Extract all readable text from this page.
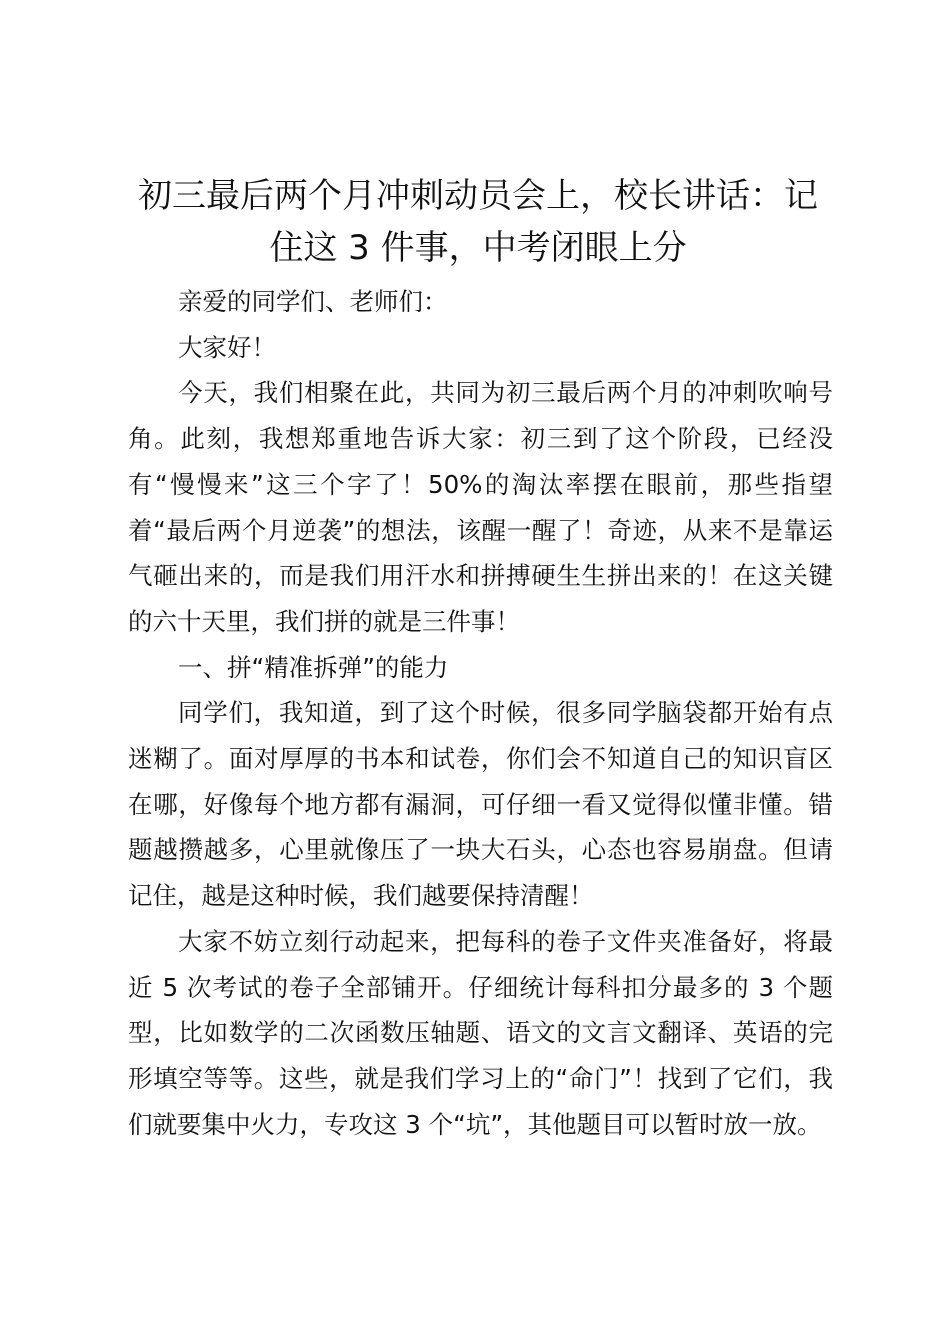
初三最后两个月冲刺动员会上，校长讲话：记住这 3 件事，中考闭眼上分

亲爱的同学们、老师们：

大家好！

今天，我们相聚在此，共同为初三最后两个月的冲刺吹响号角。此刻，我想郑重地告诉大家：初三到了这个阶段，已经没有“慢慢来”这三个字了！50%的淘汰率摆在眼前，那些指望着“最后两个月逆袭”的想法，该醒一醒了！奇迹，从来不是靠运气砸出来的，而是我们用汗水和拼搏硬生生拼出来的！在这关键的六十天里，我们拼的就是三件事！

一、拼“精准拆弹”的能力

同学们，我知道，到了这个时候，很多同学脑袋都开始有点迷糊了。面对厚厚的书本和试卷，你们会不知道自己的知识盲区在哪，好像每个地方都有漏洞，可仔细一看又觉得似懂非懂。错题越攒越多，心里就像压了一块大石头，心态也容易崩盘。但请记住，越是这种时候，我们越要保持清醒！

大家不妨立刻行动起来，把每科的卷子文件夹准备好，将最近 5 次考试的卷子全部铺开。仔细统计每科扣分最多的 3 个题型，比如数学的二次函数压轴题、语文的文言文翻译、英语的完形填空等等。这些，就是我们学习上的“命门”！找到了它们，我们就要集中火力，专攻这 3 个“坑”，其他题目可以暂时放一放。
